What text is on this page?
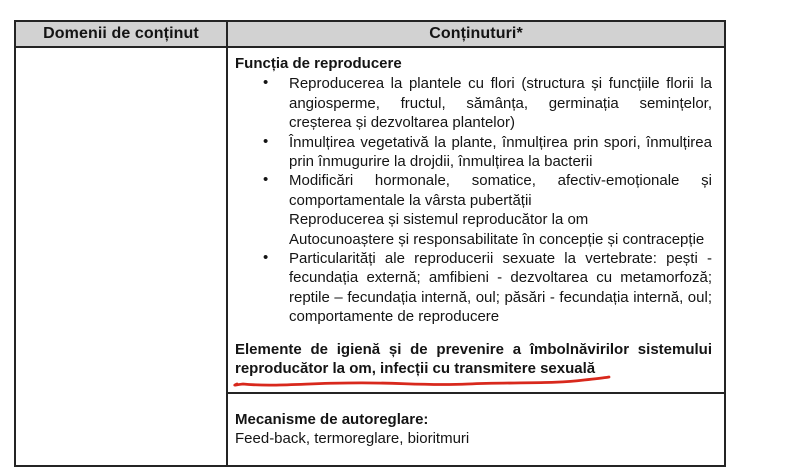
Domenii de conținut	Conținuturi*
Funcția de reproducere
• Reproducerea la plantele cu flori (structura și funcțiile florii la angiosperme, fructul, sămânța, germinația semințelor, creșterea și dezvoltarea plantelor)
• Înmulțirea vegetativă la plante, înmulțirea prin spori, înmulțirea prin înmugurire la drojdii, înmulțirea la bacterii
• Modificări hormonale, somatice, afectiv-emoționale și comportamentale la vârsta pubertății
Reproducerea și sistemul reproducător la om
Autocunoaștere și responsabilitate în concepție și contracepție
• Particularități ale reproducerii sexuate la vertebrate: pești - fecundația externă; amfibieni - dezvoltarea cu metamorfoză; reptile – fecundația internă, oul; păsări - fecundația internă, oul; comportamente de reproducere
Elemente de igienă și de prevenire a îmbolnăvirilor sistemului reproducător la om, infecții cu transmitere sexuală
Mecanisme de autoreglare:
Feed-back, termoreglare, bioritmuri
